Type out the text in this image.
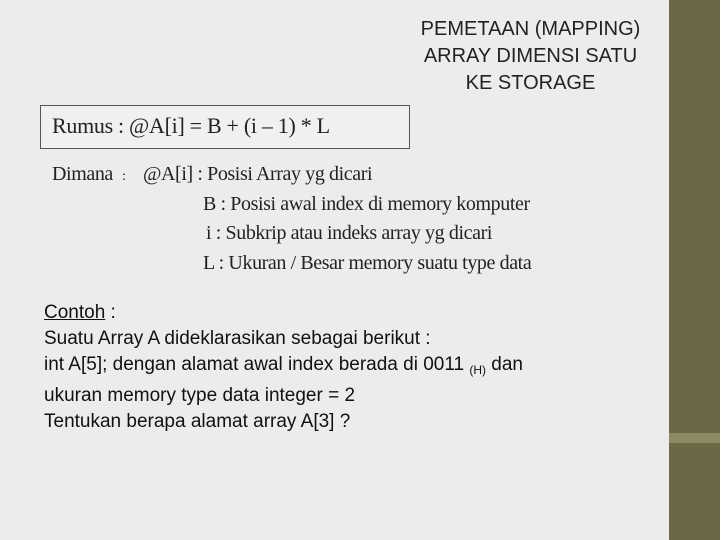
PEMETAAN (MAPPING)
ARRAY DIMENSI SATU
KE STORAGE
Rumus : @A[i] = B + (i – 1) * L
Dimana : @A[i] : Posisi Array yg dicari
B : Posisi awal index di memory komputer
i : Subkrip atau indeks array yg dicari
L : Ukuran / Besar memory suatu type data
Contoh :
Suatu Array A dideklarasikan sebagai berikut :
int A[5]; dengan alamat awal index berada di 0011 $_{(H)}$ dan
ukuran memory type data integer = 2
Tentukan berapa alamat array A[3] ?
